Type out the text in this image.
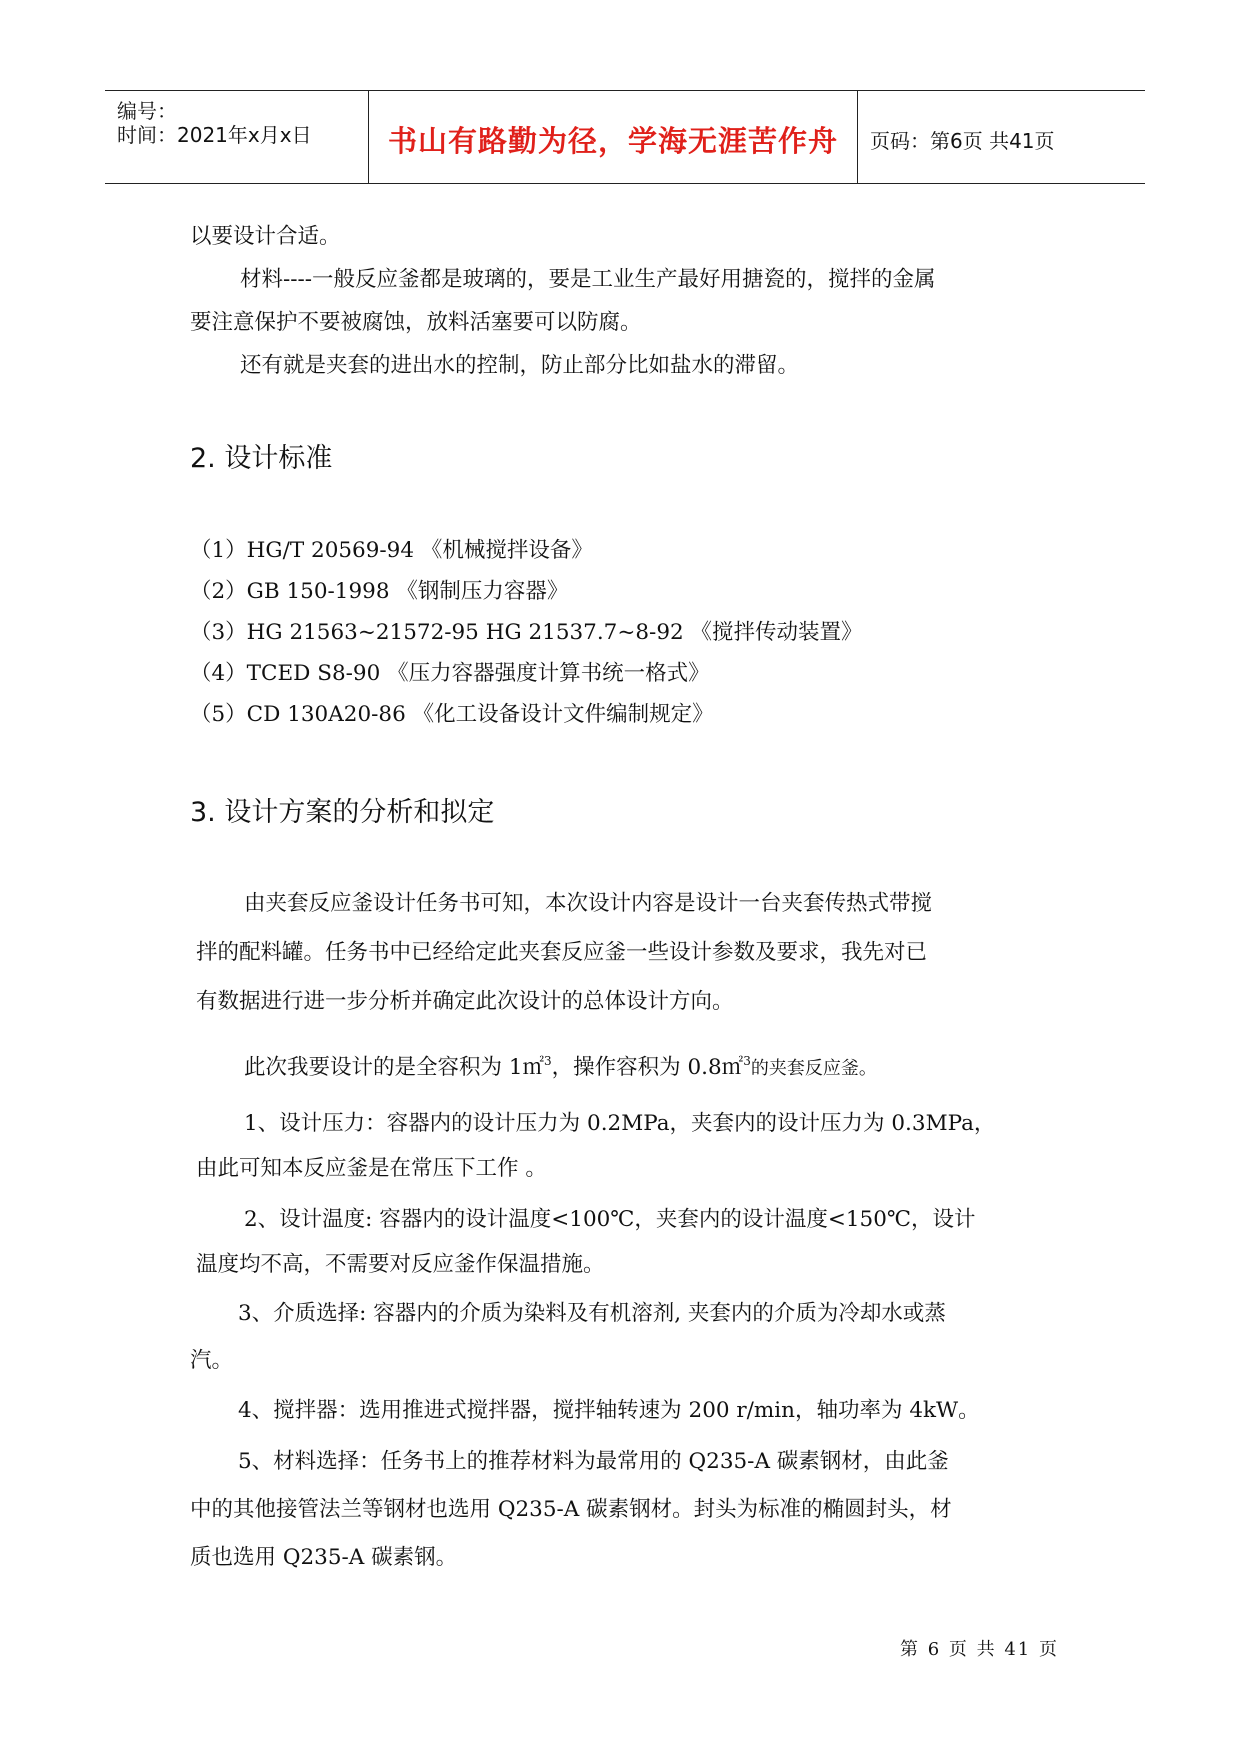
编号：
时间：2021年x月x日	书山有路勤为径，学海无涯苦作舟	页码：第6页 共41页
以要设计合适。
材料----一般反应釜都是玻璃的，要是工业生产最好用搪瓷的，搅拌的金属
要注意保护不要被腐蚀，放料活塞要可以防腐。
还有就是夹套的进出水的控制，防止部分比如盐水的滞留。
2. 设计标准
（1）HG/T 20569-94 《机械搅拌设备》
（2）GB 150-1998 《钢制压力容器》
（3）HG 21563~21572-95 HG 21537.7~8-92 《搅拌传动装置》
（4）TCED S8-90 《压力容器强度计算书统一格式》
（5）CD 130A20-86 《化工设备设计文件编制规定》
3. 设计方案的分析和拟定
由夹套反应釜设计任务书可知，本次设计内容是设计一台夹套传热式带搅
拌的配料罐。任务书中已经给定此夹套反应釜一些设计参数及要求，我先对已
有数据进行进一步分析并确定此次设计的总体设计方向。
此次我要设计的是全容积为 1㎡$^3$，操作容积为 0.8㎡$^3$的夹套反应釜。
1、设计压力：容器内的设计压力为 0.2MPa，夹套内的设计压力为 0.3MPa，
由此可知本反应釜是在常压下工作 。
2、设计温度: 容器内的设计温度<100℃，夹套内的设计温度<150℃，设计
温度均不高，不需要对反应釜作保温措施。
3、介质选择: 容器内的介质为染料及有机溶剂, 夹套内的介质为冷却水或蒸
汽。
4、搅拌器：选用推进式搅拌器，搅拌轴转速为 200 r/min，轴功率为 4kW。
5、材料选择：任务书上的推荐材料为最常用的 Q235-A 碳素钢材，由此釜
中的其他接管法兰等钢材也选用 Q235-A 碳素钢材。封头为标准的椭圆封头，材
质也选用 Q235-A 碳素钢。
第 6 页 共 41 页
